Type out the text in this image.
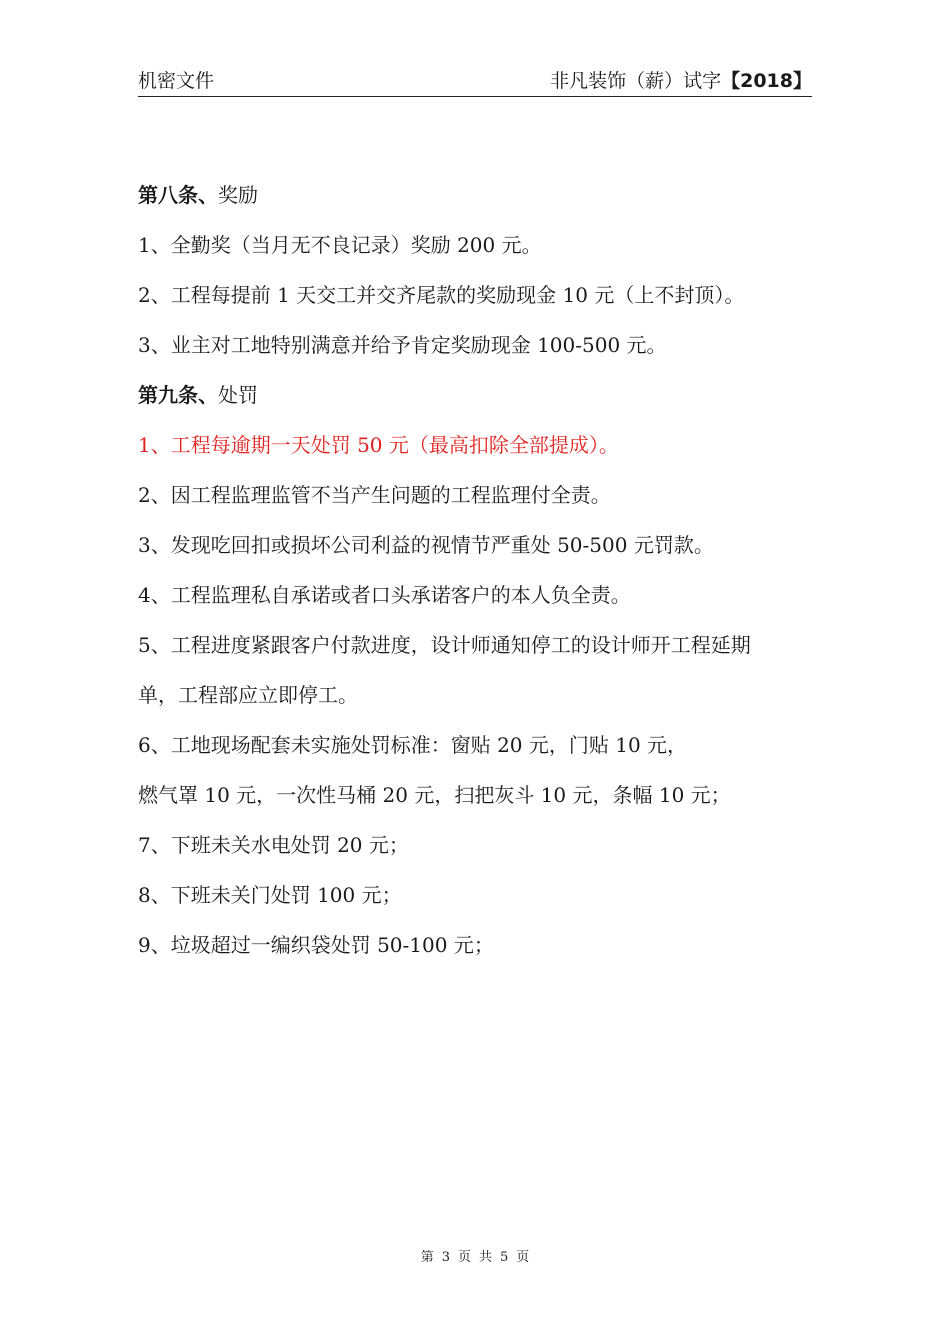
机密文件	非凡装饰（薪）试字【2018】
第八条、奖励
1、全勤奖（当月无不良记录）奖励 200 元。
2、工程每提前 1 天交工并交齐尾款的奖励现金 10 元（上不封顶）。
3、业主对工地特别满意并给予肯定奖励现金 100-500 元。
第九条、处罚
1、工程每逾期一天处罚 50 元（最高扣除全部提成）。
2、因工程监理监管不当产生问题的工程监理付全责。
3、发现吃回扣或损坏公司利益的视情节严重处 50-500 元罚款。
4、工程监理私自承诺或者口头承诺客户的本人负全责。
5、工程进度紧跟客户付款进度，设计师通知停工的设计师开工程延期
单，工程部应立即停工。
6、工地现场配套未实施处罚标准：窗贴 20 元，门贴 10 元，
燃气罩 10 元，一次性马桶 20 元，扫把灰斗 10 元，条幅 10 元；
7、下班未关水电处罚 20 元；
8、下班未关门处罚 100 元；
9、垃圾超过一编织袋处罚 50-100 元；
第 3 页 共 5 页
